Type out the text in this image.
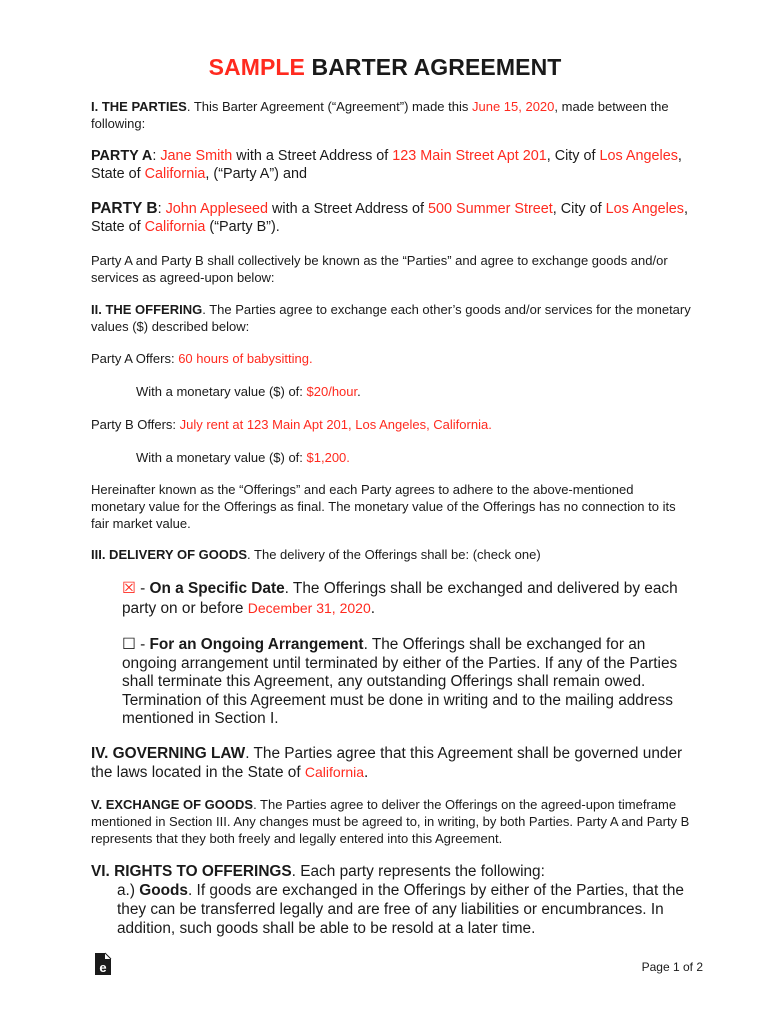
SAMPLE BARTER AGREEMENT
I. THE PARTIES. This Barter Agreement (“Agreement”) made this June 15, 2020, made between the following:
PARTY A: Jane Smith with a Street Address of 123 Main Street Apt 201, City of Los Angeles, State of California, (“Party A”) and
PARTY B: John Appleseed with a Street Address of 500 Summer Street, City of Los Angeles, State of California (“Party B”).
Party A and Party B shall collectively be known as the “Parties” and agree to exchange goods and/or services as agreed-upon below:
II. THE OFFERING. The Parties agree to exchange each other’s goods and/or services for the monetary values ($) described below:
Party A Offers: 60 hours of babysitting.
With a monetary value ($) of: $20/hour.
Party B Offers: July rent at 123 Main Apt 201, Los Angeles, California.
With a monetary value ($) of: $1,200.
Hereinafter known as the “Offerings” and each Party agrees to adhere to the above-mentioned monetary value for the Offerings as final. The monetary value of the Offerings has no connection to its fair market value.
III. DELIVERY OF GOODS. The delivery of the Offerings shall be: (check one)
☒ - On a Specific Date. The Offerings shall be exchanged and delivered by each party on or before December 31, 2020.
☐ - For an Ongoing Arrangement. The Offerings shall be exchanged for an ongoing arrangement until terminated by either of the Parties. If any of the Parties shall terminate this Agreement, any outstanding Offerings shall remain owed. Termination of this Agreement must be done in writing and to the mailing address mentioned in Section I.
IV. GOVERNING LAW. The Parties agree that this Agreement shall be governed under the laws located in the State of California.
V. EXCHANGE OF GOODS. The Parties agree to deliver the Offerings on the agreed-upon timeframe mentioned in Section III. Any changes must be agreed to, in writing, by both Parties. Party A and Party B represents that they both freely and legally entered into this Agreement.
VI. RIGHTS TO OFFERINGS. Each party represents the following:
a.) Goods. If goods are exchanged in the Offerings by either of the Parties, that the they can be transferred legally and are free of any liabilities or encumbrances. In addition, such goods shall be able to be resold at a later time.
e	Page 1 of 2
